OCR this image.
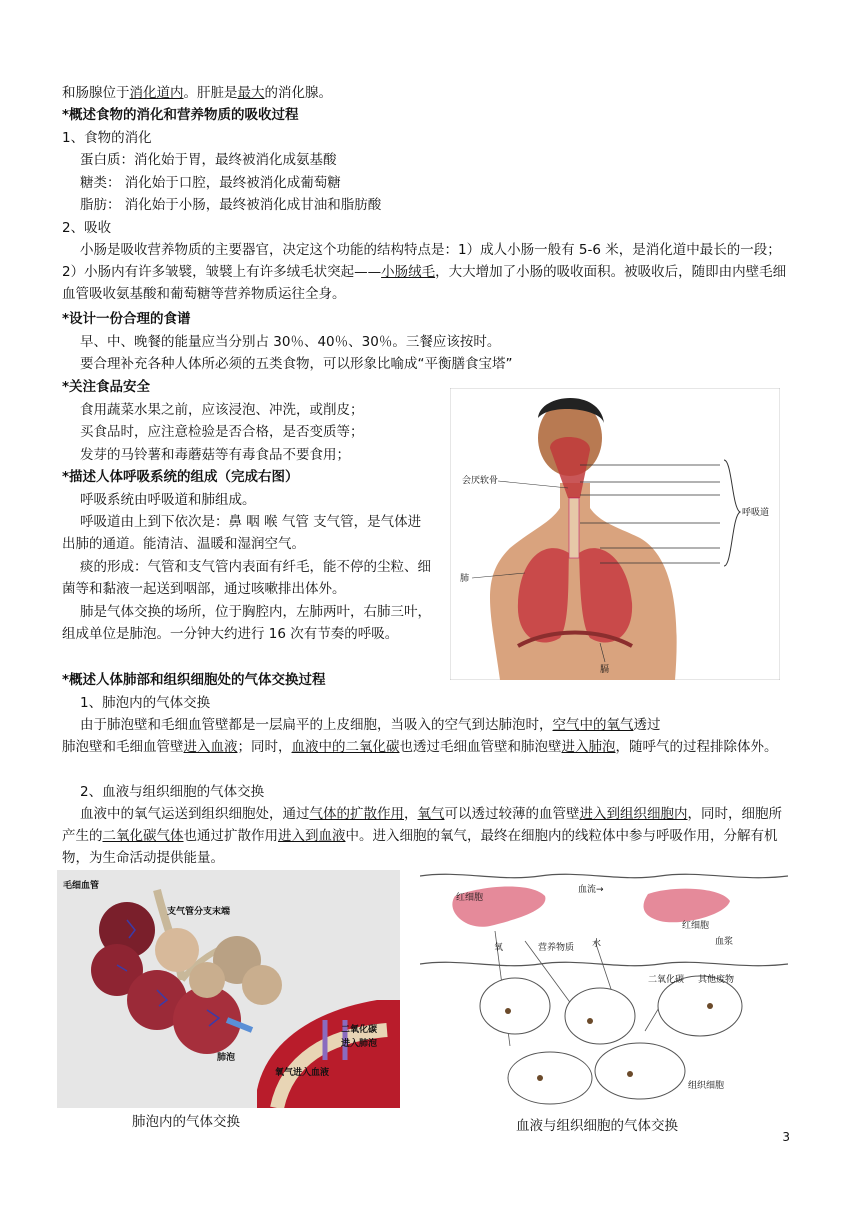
和肠腺位于消化道内。肝脏是最大的消化腺。
*概述食物的消化和营养物质的吸收过程
1、食物的消化
蛋白质：消化始于胃，最终被消化成氨基酸
糖类： 消化始于口腔，最终被消化成葡萄糖
脂肪： 消化始于小肠，最终被消化成甘油和脂肪酸
2、吸收
小肠是吸收营养物质的主要器官，决定这个功能的结构特点是：1）成人小肠一般有 5-6 米，是消化道中最长的一段；2）小肠内有许多皱襞，皱襞上有许多绒毛状突起——小肠绒毛，大大增加了小肠的吸收面积。被吸收后，随即由内壁毛细血管吸收氨基酸和葡萄糖等营养物质运往全身。
*设计一份合理的食谱
早、中、晚餐的能量应当分别占 30％、40％、30％。三餐应该按时。
要合理补充各种人体所必须的五类食物，可以形象比喻成“平衡膳食宝塔”
*关注食品安全
食用蔬菜水果之前，应该浸泡、冲洗，或削皮；
买食品时，应注意检验是否合格，是否变质等；
发芽的马铃薯和毒蘑菇等有毒食品不要食用；
*描述人体呼吸系统的组成（完成右图）
呼吸系统由呼吸道和肺组成。
呼吸道由上到下依次是：鼻 咽 喉 气管 支气管，是气体进出肺的通道。能清洁、温暖和湿润空气。
痰的形成：气管和支气管内表面有纤毛，能不停的尘粒、细菌等和黏液一起送到咽部，通过咳嗽排出体外。
肺是气体交换的场所，位于胸腔内，左肺两叶，右肺三叶，组成单位是肺泡。一分钟大约进行 16 次有节奏的呼吸。
会厌软骨
肺
膈
呼吸道
*概述人体肺部和组织细胞处的气体交换过程
1、肺泡内的气体交换
由于肺泡壁和毛细血管壁都是一层扁平的上皮细胞，当吸入的空气到达肺泡时，空气中的氧气透过
肺泡壁和毛细血管壁进入血液；同时，血液中的二氧化碳也透过毛细血管壁和肺泡壁进入肺泡，随呼气的过程排除体外。
2、血液与组织细胞的气体交换
血液中的氧气运送到组织细胞处，通过气体的扩散作用，氧气可以透过较薄的血管壁进入到组织细胞内，同时，细胞所产生的二氧化碳气体也通过扩散作用进入到血液中。进入细胞的氧气，最终在细胞内的线粒体中参与呼吸作用，分解有机物，为生命活动提供能量。
毛细血管
支气管分支末端
肺泡
二氧化碳
进入肺泡
氧气进入血液
肺泡内的气体交换
红细胞
血流→
红细胞
血浆
氧	营养物质 水
二氧化碳 其他废物
组织细胞
血液与组织细胞的气体交换
3
